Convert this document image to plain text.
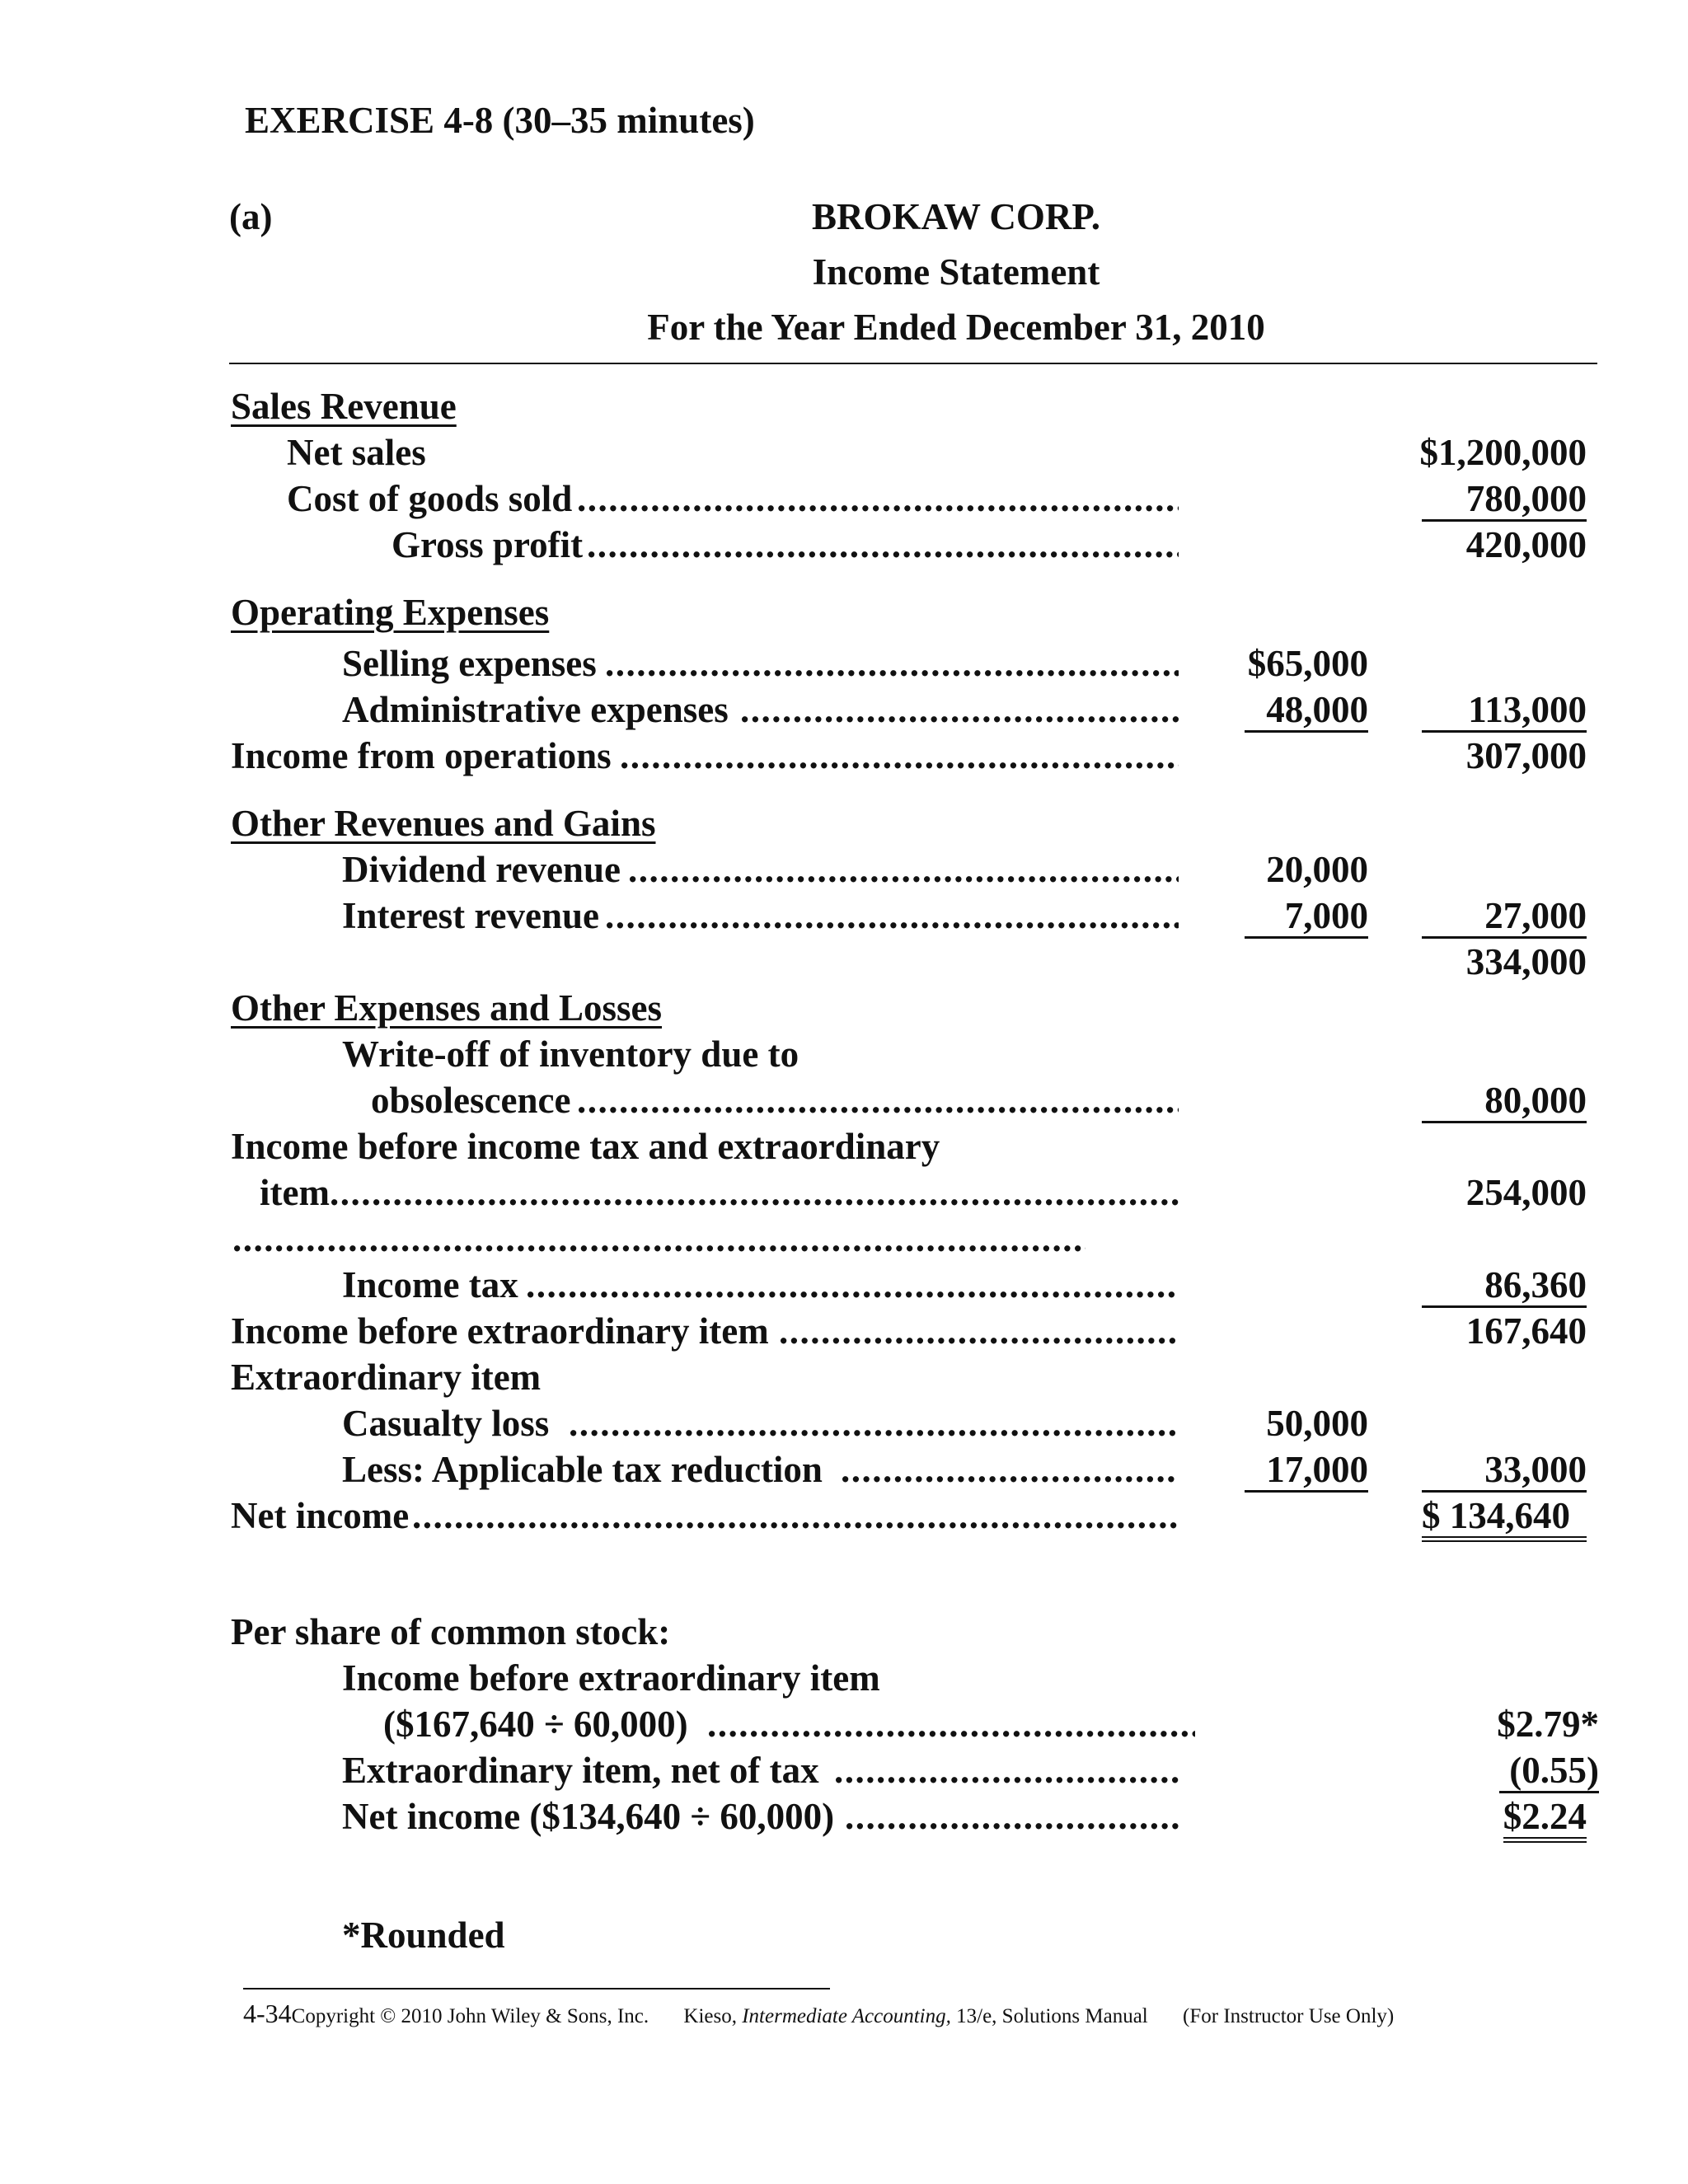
EXERCISE 4-8 (30–35 minutes)
(a)	BROKAW CORP.
Income Statement
For the Year Ended December 31, 2010
Sales Revenue
Net sales	$1,200,000
Cost of goods sold .....	780,000
Gross profit .....	420,000
Operating Expenses
Selling expenses .....	$65,000
Administrative expenses .....	48,000	113,000
Income from operations .....	307,000
Other Revenues and Gains
Dividend revenue .....	20,000
Interest revenue .....	7,000	27,000
334,000
Other Expenses and Losses
Write-off of inventory due to
obsolescence .....	80,000
Income before income tax and extraordinary
item .....	254,000
.....
Income tax .....	86,360
Income before extraordinary item .....	167,640
Extraordinary item
Casualty loss .....	50,000
Less: Applicable tax reduction .....	17,000	33,000
Net income .....	$ 134,640
Per share of common stock:
Income before extraordinary item
($167,640 ÷ 60,000) .....	$2.79*
Extraordinary item, net of tax .....	(0.55)
Net income ($134,640 ÷ 60,000) .....	$2.24
*Rounded
4-34Copyright © 2010 John Wiley & Sons, Inc. Kieso, Intermediate Accounting, 13/e, Solutions Manual (For Instructor Use Only)
